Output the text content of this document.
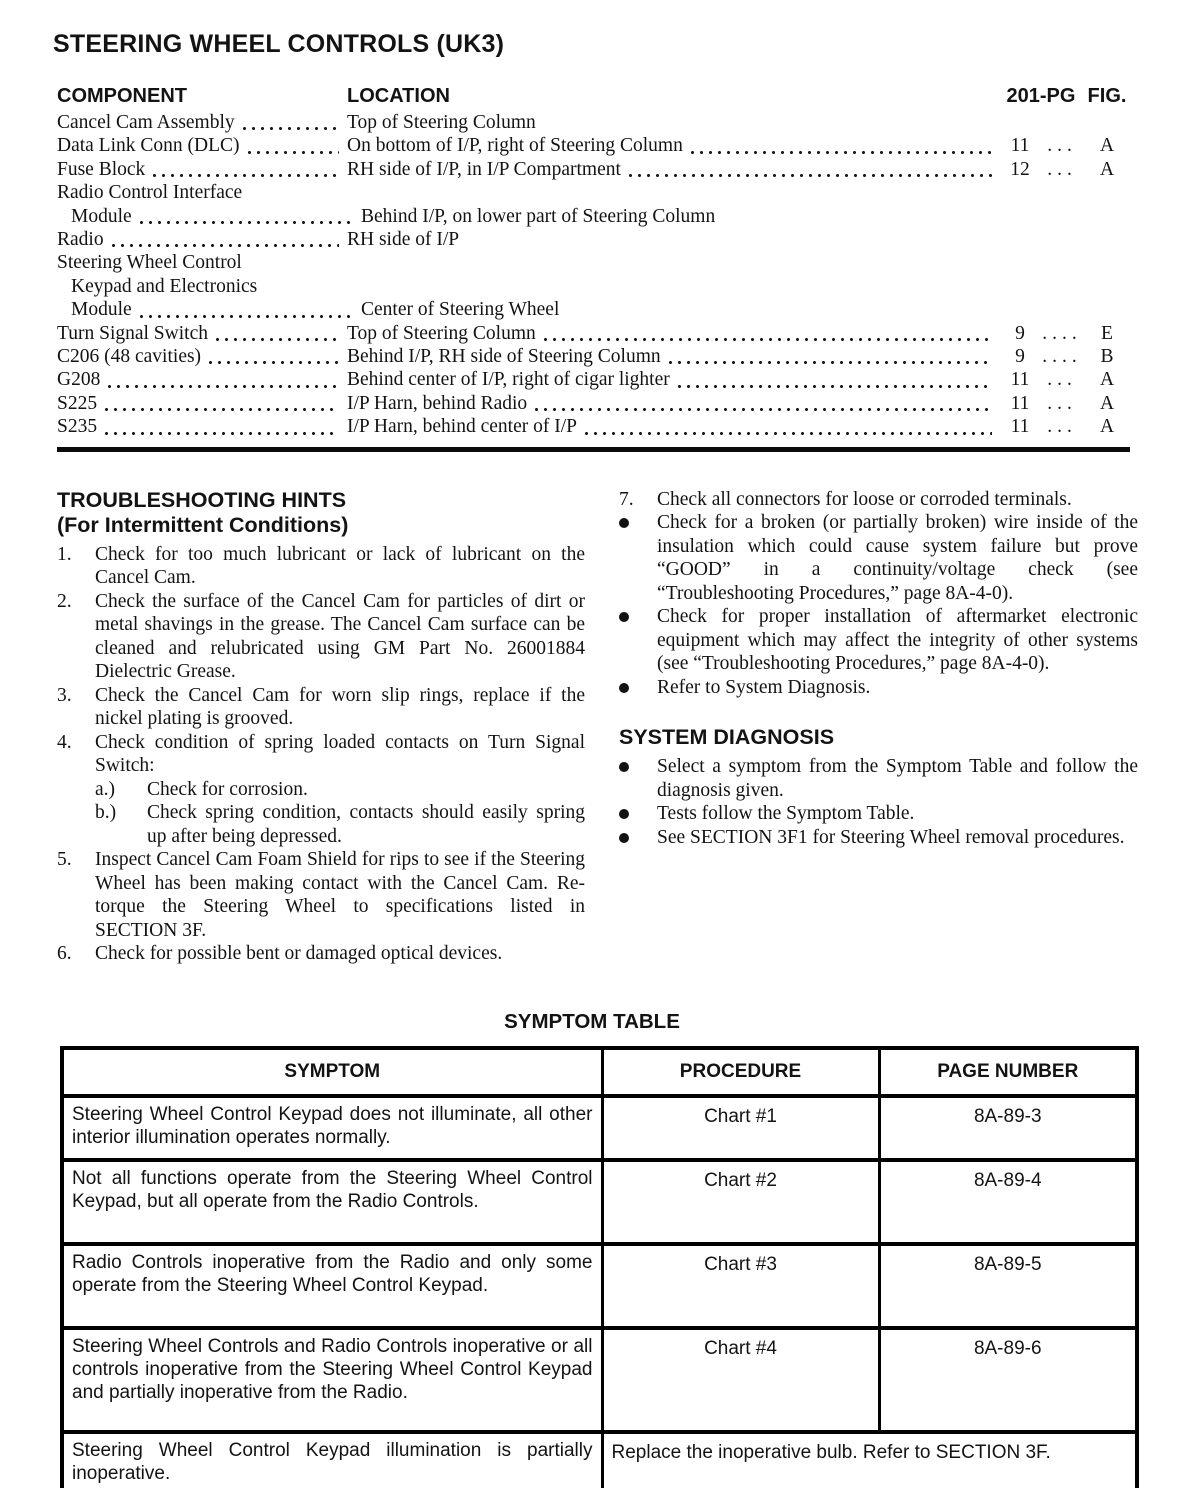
STEERING WHEEL CONTROLS (UK3)
COMPONENT	LOCATION	201-PG FIG.
Cancel Cam Assembly	Top of Steering Column
Data Link Conn (DLC)	On bottom of I/P, right of Steering Column	11 ...	A
Fuse Block	RH side of I/P, in I/P Compartment	12 ...	A
Radio Control Interface
Module	Behind I/P, on lower part of Steering Column
Radio	RH side of I/P
Steering Wheel Control
Keypad and Electronics
Module	Center of Steering Wheel
Turn Signal Switch	Top of Steering Column	9 .... E
C206 (48 cavities)	Behind I/P, RH side of Steering Column	9 .... B
G208	Behind center of I/P, right of cigar lighter	11 ...	A
S225	I/P Harn, behind Radio	11 ...	A
S235	I/P Harn, behind center of I/P	11 ...	A
TROUBLESHOOTING HINTS
(For Intermittent Conditions)
1.	Check for too much lubricant or lack of lubricant on the Cancel Cam.
2.	Check the surface of the Cancel Cam for particles of dirt or metal shavings in the grease. The Cancel Cam surface can be cleaned and relubricated using GM Part No. 26001884 Dielectric Grease.
3.	Check the Cancel Cam for worn slip rings, replace if the nickel plating is grooved.
4.	Check condition of spring loaded contacts on Turn Signal Switch:
a.)	Check for corrosion.
b.)	Check spring condition, contacts should easily spring up after being depressed.
5.	Inspect Cancel Cam Foam Shield for rips to see if the Steering Wheel has been making contact with the Cancel Cam. Re-torque the Steering Wheel to specifications listed in SECTION 3F.
6.	Check for possible bent or damaged optical devices.
7.	Check all connectors for loose or corroded terminals.
Check for a broken (or partially broken) wire inside of the insulation which could cause system failure but prove “GOOD” in a continuity/voltage check (see “Troubleshooting Procedures,” page 8A-4-0).
Check for proper installation of aftermarket electronic equipment which may affect the integrity of other systems (see “Troubleshooting Procedures,” page 8A-4-0).
Refer to System Diagnosis.
SYSTEM DIAGNOSIS
Select a symptom from the Symptom Table and follow the diagnosis given.
Tests follow the Symptom Table.
See SECTION 3F1 for Steering Wheel removal procedures.
SYMPTOM TABLE
SYMPTOM	PROCEDURE	PAGE NUMBER
Steering Wheel Control Keypad does not illuminate, all other interior illumination operates normally.	Chart #1	8A-89-3
Not all functions operate from the Steering Wheel Control Keypad, but all operate from the Radio Controls.	Chart #2	8A-89-4
Radio Controls inoperative from the Radio and only some operate from the Steering Wheel Control Keypad.	Chart #3	8A-89-5
Steering Wheel Controls and Radio Controls inoperative or all controls inoperative from the Steering Wheel Control Keypad and partially inoperative from the Radio.	Chart #4	8A-89-6
Steering Wheel Control Keypad illumination is partially inoperative.	Replace the inoperative bulb. Refer to SECTION 3F.	
